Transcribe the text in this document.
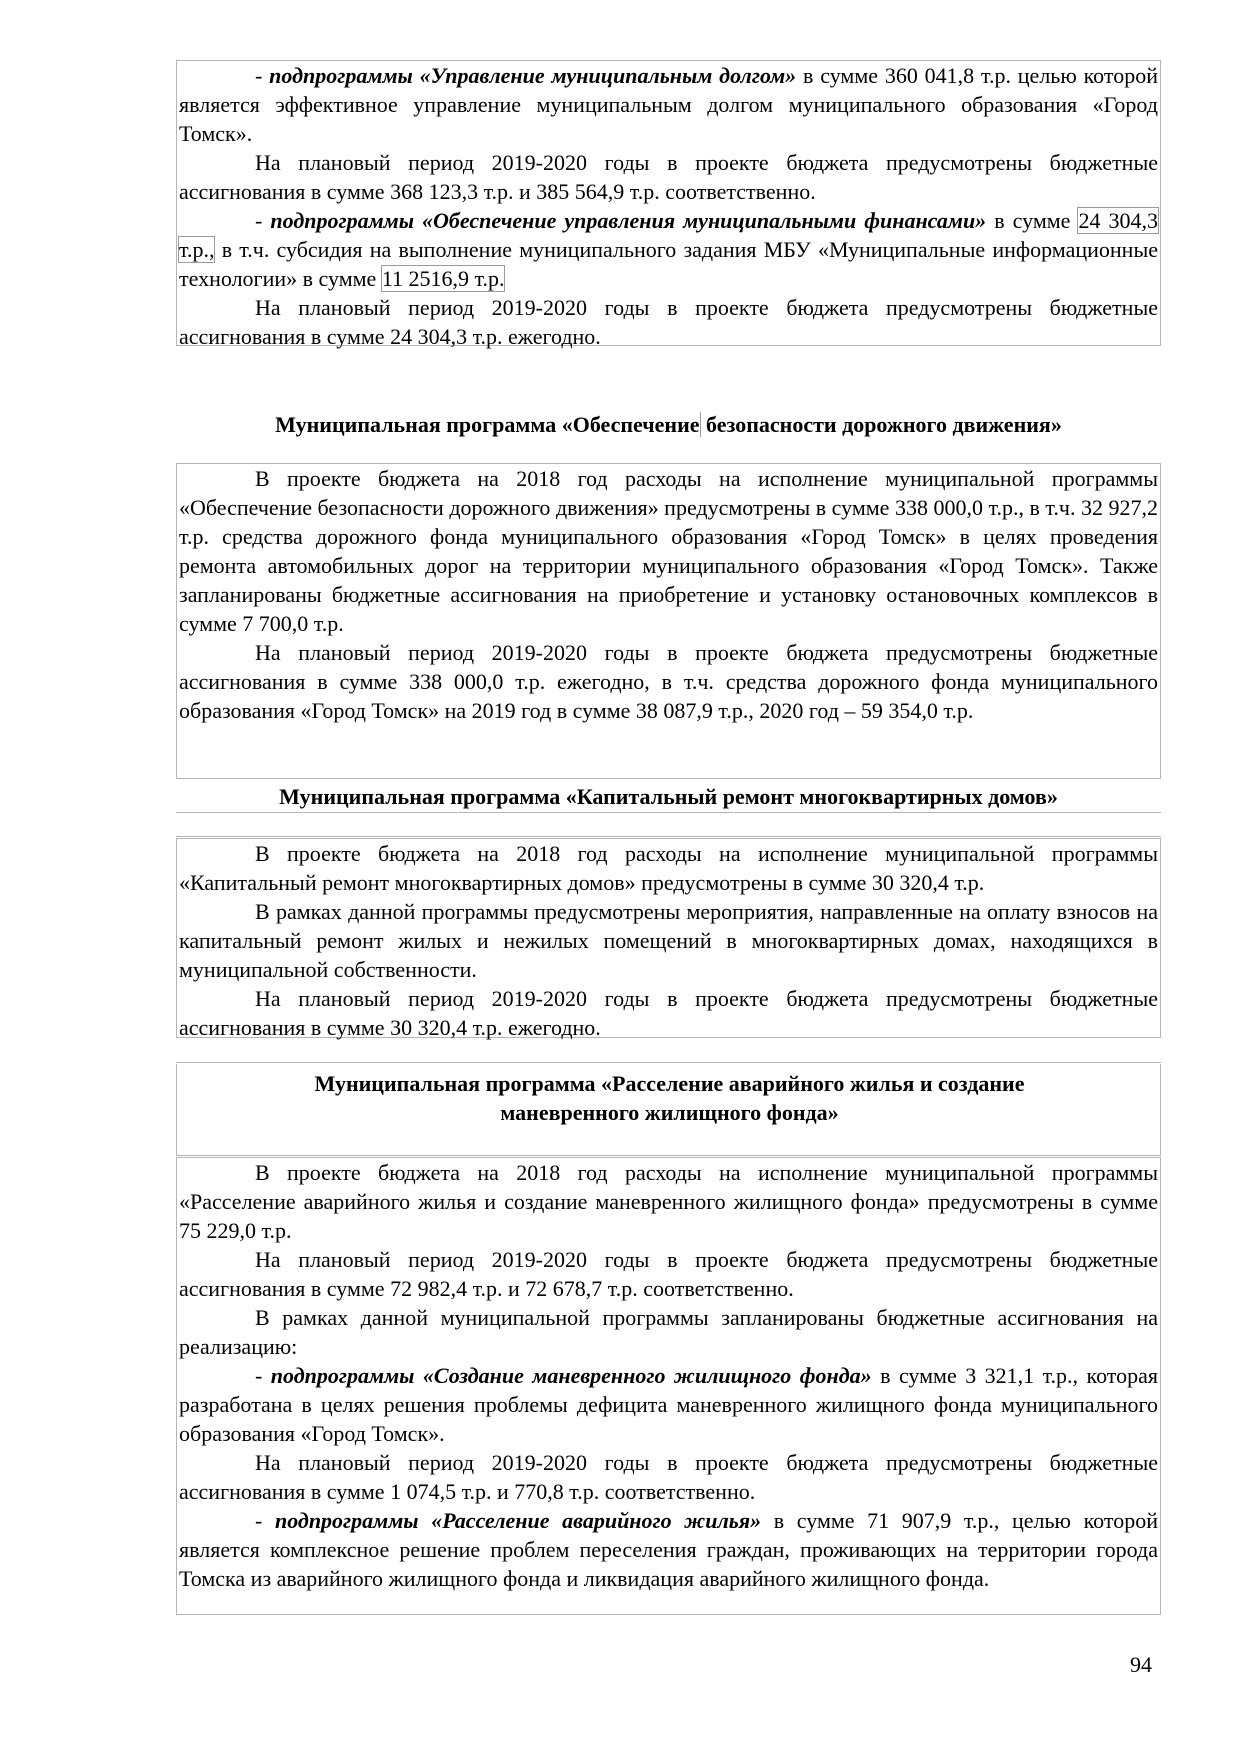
- подпрограммы «Управление муниципальным долгом» в сумме 360 041,8 т.р. целью которой является эффективное управление муниципальным долгом муниципального образования «Город Томск».

На плановый период 2019-2020 годы в проекте бюджета предусмотрены бюджетные ассигнования в сумме 368 123,3 т.р. и 385 564,9 т.р. соответственно.

- подпрограммы «Обеспечение управления муниципальными финансами» в сумме 24 304,3 т.р., в т.ч. субсидия на выполнение муниципального задания МБУ «Муниципальные информационные технологии» в сумме 11 2516,9 т.р.

На плановый период 2019-2020 годы в проекте бюджета предусмотрены бюджетные ассигнования в сумме 24 304,3 т.р. ежегодно.

Муниципальная программа «Обеспечение безопасности дорожного движения»

В проекте бюджета на 2018 год расходы на исполнение муниципальной программы «Обеспечение безопасности дорожного движения» предусмотрены в сумме 338 000,0 т.р., в т.ч. 32 927,2 т.р. средства дорожного фонда муниципального образования «Город Томск» в целях проведения ремонта автомобильных дорог на территории муниципального образования «Город Томск». Также запланированы бюджетные ассигнования на приобретение и установку остановочных комплексов в сумме 7 700,0 т.р.

На плановый период 2019-2020 годы в проекте бюджета предусмотрены бюджетные ассигнования в сумме 338 000,0 т.р. ежегодно, в т.ч. средства дорожного фонда муниципального образования «Город Томск» на 2019 год в сумме 38 087,9 т.р., 2020 год – 59 354,0 т.р.

Муниципальная программа «Капитальный ремонт многоквартирных домов»

В проекте бюджета на 2018 год расходы на исполнение муниципальной программы «Капитальный ремонт многоквартирных домов» предусмотрены в сумме 30 320,4 т.р.

В рамках данной программы предусмотрены мероприятия, направленные на оплату взносов на капитальный ремонт жилых и нежилых помещений в многоквартирных домах, находящихся в муниципальной собственности.

На плановый период 2019-2020 годы в проекте бюджета предусмотрены бюджетные ассигнования в сумме 30 320,4 т.р. ежегодно.

Муниципальная программа «Расселение аварийного жилья и создание
маневренного жилищного фонда»

В проекте бюджета на 2018 год расходы на исполнение муниципальной программы «Расселение аварийного жилья и создание маневренного жилищного фонда» предусмотрены в сумме 75 229,0 т.р.

На плановый период 2019-2020 годы в проекте бюджета предусмотрены бюджетные ассигнования в сумме 72 982,4 т.р. и 72 678,7 т.р. соответственно.

В рамках данной муниципальной программы запланированы бюджетные ассигнования на реализацию:

- подпрограммы «Создание маневренного жилищного фонда» в сумме 3 321,1 т.р., которая разработана в целях решения проблемы дефицита маневренного жилищного фонда муниципального образования «Город Томск».

На плановый период 2019-2020 годы в проекте бюджета предусмотрены бюджетные ассигнования в сумме 1 074,5 т.р. и 770,8 т.р. соответственно.

- подпрограммы «Расселение аварийного жилья» в сумме 71 907,9 т.р., целью которой является комплексное решение проблем переселения граждан, проживающих на территории города Томска из аварийного жилищного фонда и ликвидация аварийного жилищного фонда.

94
